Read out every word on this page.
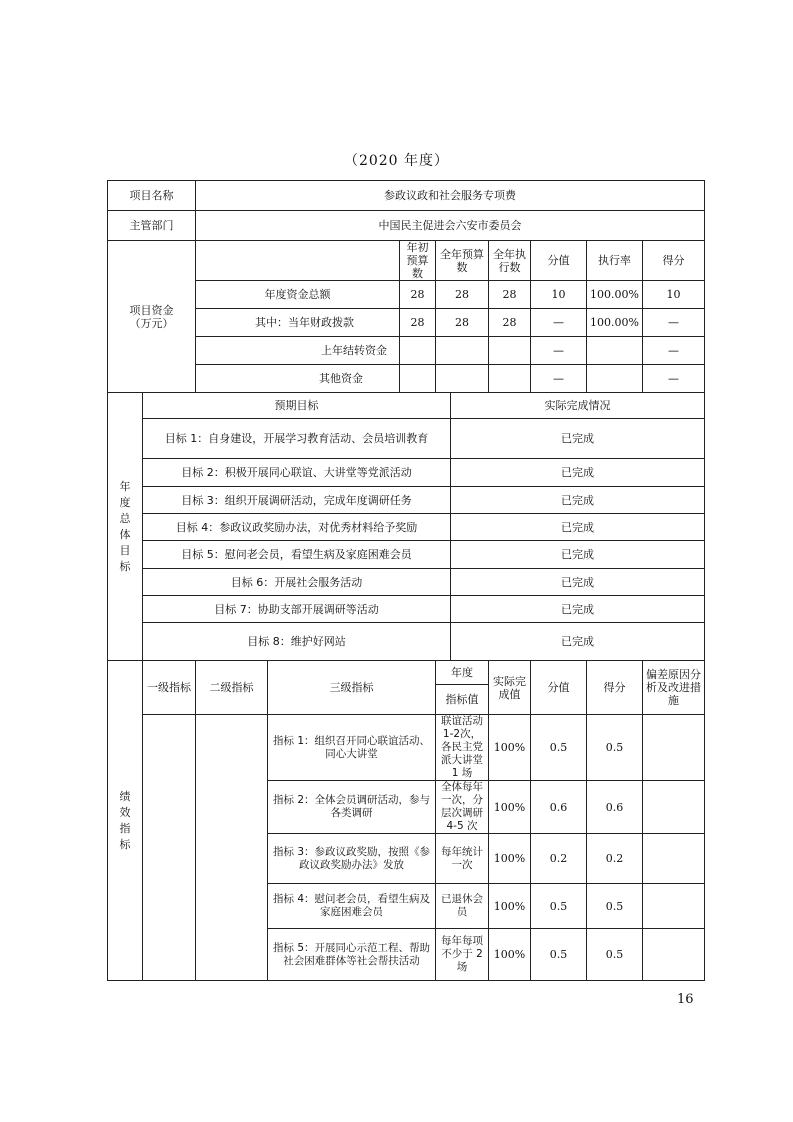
（2020 年度）
项目名称		参政议政和社会服务专项费								
主管部门		中国民主促进会六安市委员会								
项目资金
（万元）				年初预算数	全年预算数		全年执行数	分值	执行率	得分
		年度资金总额		28	28		28	10	100.00%	10
		其中：当年财政拨款		28	28		28	—	100.00%	—
		上年结转资金						—		—
		其他资金						—		—

年度总体目标	预期目标					实际完成情况				
	目标 1：自身建设，开展学习教育活动、会员培训教育					已完成				
	目标 2：积极开展同心联谊、大讲堂等党派活动					已完成				
	目标 3：组织开展调研活动，完成年度调研任务					已完成				
	目标 4：参政议政奖励办法，对优秀材料给予奖励					已完成				
	目标 5：慰问老会员，看望生病及家庭困难会员					已完成				
	目标 6：开展社会服务活动					已完成				
	目标 7：协助支部开展调研等活动					已完成				
	目标 8：维护好网站					已完成				

绩效指标	一级指标	二级指标	三级指标		年度		实际完成值	分值	得分	偏差原因分析及改进措施
					指标值					
			指标 1：组织召开同心联谊活动、同心大讲堂		联谊活动1-2次，各民主党派大讲堂 1 场		100%	0.5	0.5	
			指标 2：全体会员调研活动，参与各类调研		全体每年一次，分层次调研 4-5 次		100%	0.6	0.6	
			指标 3：参政议政奖励，按照《参政议政奖励办法》发放		每年统计一次		100%	0.2	0.2	
			指标 4：慰问老会员，看望生病及家庭困难会员		已退休会员		100%	0.5	0.5	
			指标 5：开展同心示范工程、帮助社会困难群体等社会帮扶活动		每年每项不少于 2 场		100%	0.5	0.5	
16
